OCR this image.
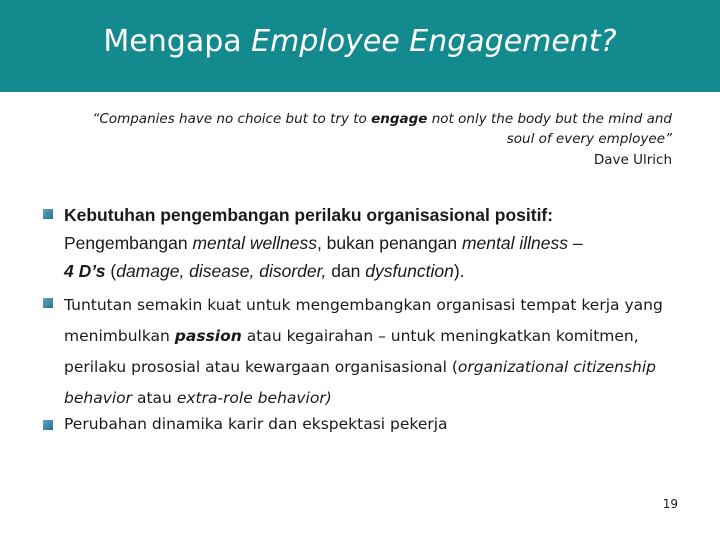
Mengapa Employee Engagement?
“Companies have no choice but to try to engage not only the body but the mind and
soul of every employee”
Dave Ulrich
Kebutuhan pengembangan perilaku organisasional positif:
Pengembangan mental wellness, bukan penangan mental illness –
4 D’s (damage, disease, disorder, dan dysfunction).
Tuntutan semakin kuat untuk mengembangkan organisasi tempat kerja yang menimbulkan passion atau kegairahan – untuk meningkatkan komitmen, perilaku prososial atau kewargaan organisasional (organizational citizenship behavior atau extra-role behavior)
Perubahan dinamika karir dan ekspektasi pekerja
19
